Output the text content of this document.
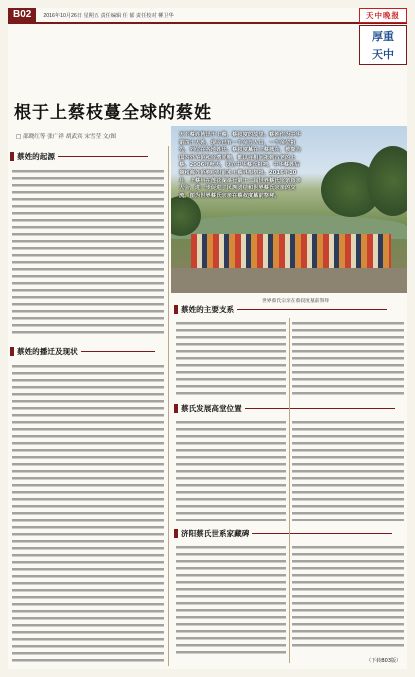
B02	2016年10月26日 星期五 责任编辑 任 郁 责任校对 柳卫华	天中晚报
厚重
天中
根于上蔡枝蔓全球的蔡姓
□ 邵晓红等 张广祥 胡武宾 宋雪莹 文/图
蔡姓的起源
蔡姓的播迁及现状
天下蔡姓皆出于上蔡，蔡叔度的故里。蔡姓作为中华第四十大姓，现今已有一千余万人口，一千余位祖先，列位在各地姓氏。蔡叔度墓在上蔡城东，被誉为国内外华侨和台湾同胞，都以寻根问祖到古老的上蔡。2006年秋天，设立中华蔡氏祖祠，中华蔡姓后裔和海外侨胞纷纷前来上蔡寻根祭祖。2016年10月，上蔡县在莲花湖举行第十二届世界蔡氏宗亲恳亲大会，进一步促进了民族团结和世界蔡氏宗亲的交流。图为世界蔡氏宗亲在蔡叔度墓前祭拜。
世界蔡氏宗亲在蔡叔度墓前祭拜
蔡姓的主要支系
蔡氏发展高堂位置
济阳蔡氏世系家藏碑
（下转B03版）
